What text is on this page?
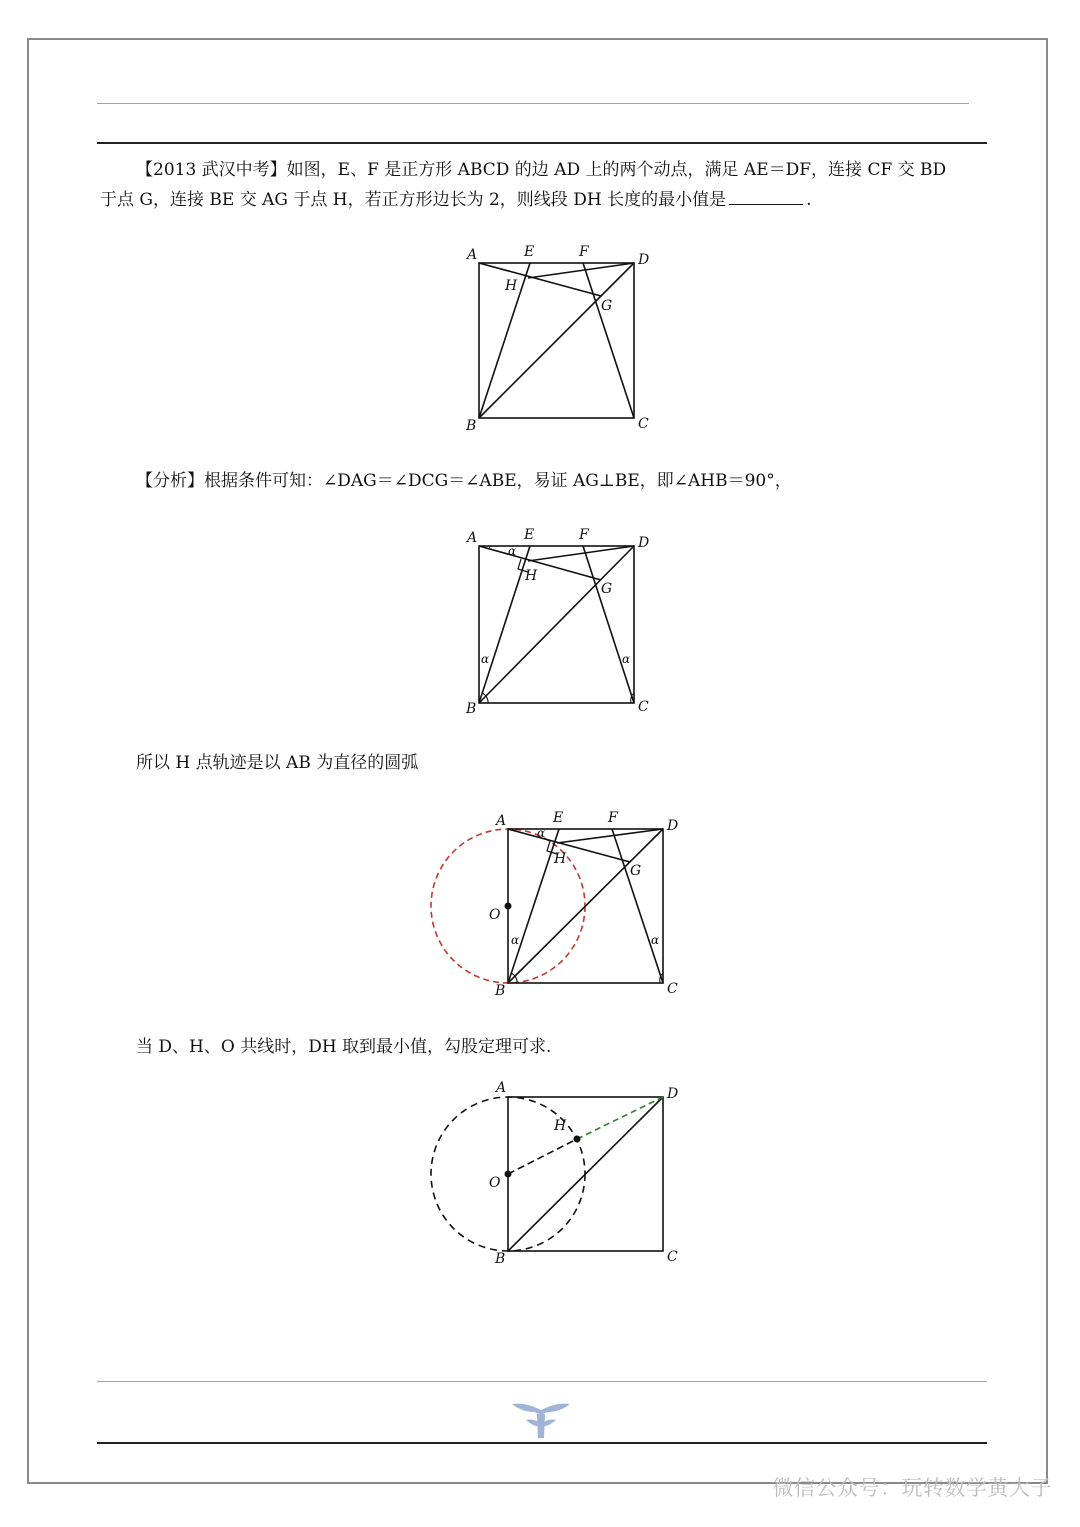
【2013 武汉中考】如图，E、F 是正方形 ABCD 的边 AD 上的两个动点，满足 AE＝DF，连接 CF 交 BD
于点 G，连接 BE 交 AG 于点 H，若正方形边长为 2，则线段 DH 长度的最小值是	.

A	E	F	D
H
G
B	C

【分析】根据条件可知：∠DAG＝∠DCG＝∠ABE，易证 AG⊥BE，即∠AHB＝90°，

A	E	F	D
H
G
B	C
α
α	α

所以 H 点轨迹是以 AB 为直径的圆弧

A	E	F	D
H
G
O
B	C
α
α	α

当 D、H、O 共线时，DH 取到最小值，勾股定理可求.

A	D
H
O
B	C
微信公众号：玩转数学黄大子
